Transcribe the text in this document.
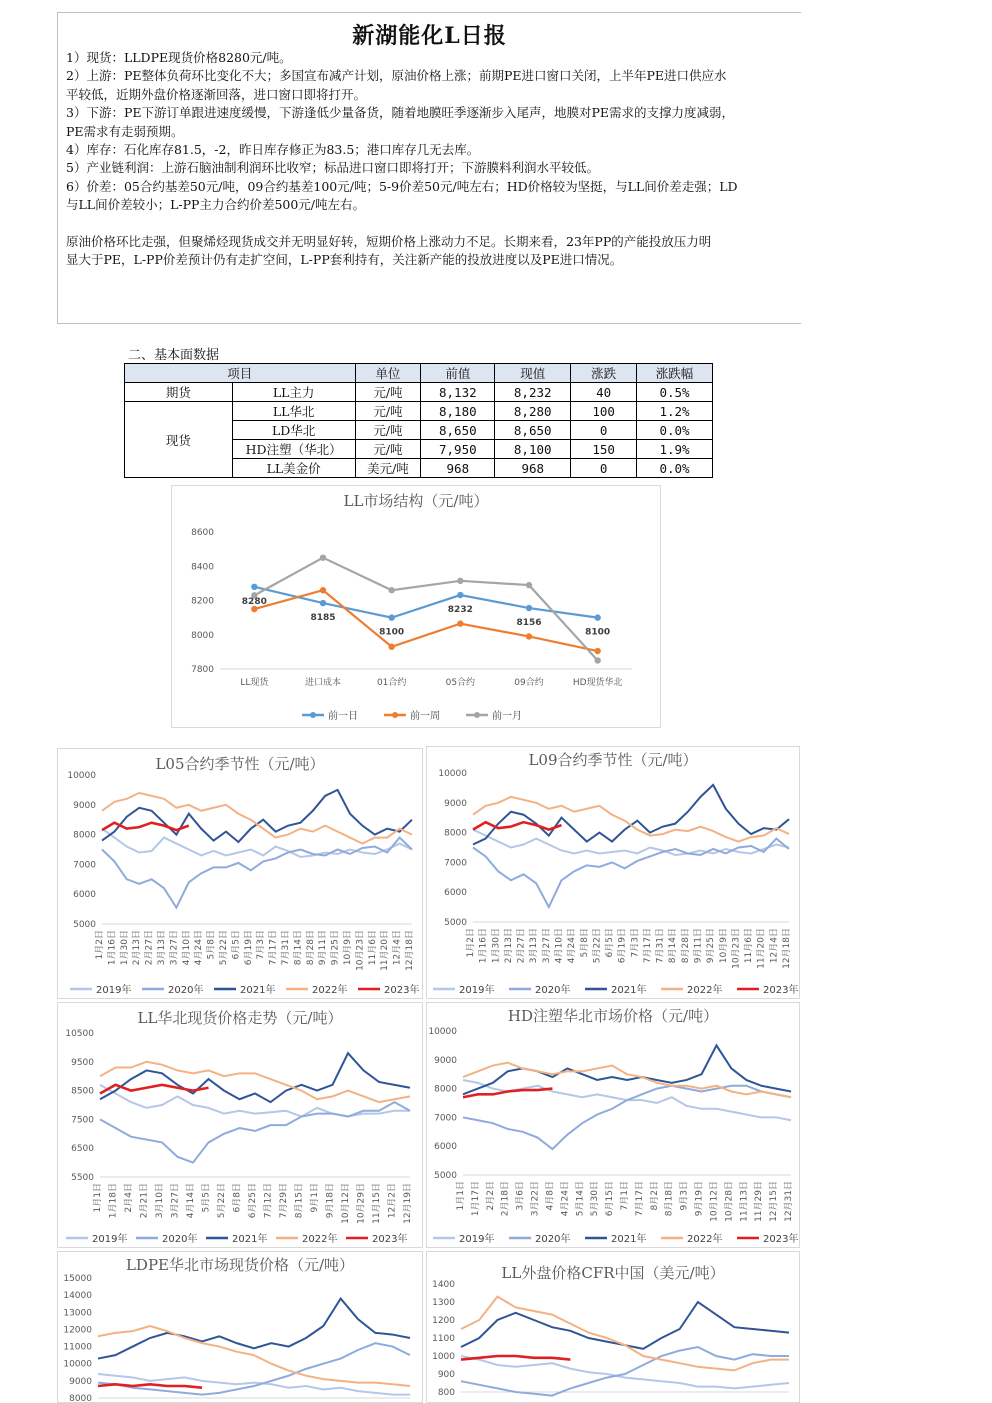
新湖能化L日报

1）现货：LLDPE现货价格8280元/吨。

2）上游：PE整体负荷环比变化不大；多国宣布减产计划，原油价格上涨；前期PE进口窗口关闭，上半年PE进口供应水

平较低，近期外盘价格逐渐回落，进口窗口即将打开。

3）下游：PE下游订单跟进速度缓慢，下游逢低少量备货，随着地膜旺季逐渐步入尾声，地膜对PE需求的支撑力度减弱，

PE需求有走弱预期。

4）库存：石化库存81.5，-2，昨日库存修正为83.5；港口库存几无去库。

5）产业链利润：上游石脑油制利润环比收窄；标品进口窗口即将打开；下游膜料利润水平较低。

6）价差：05合约基差50元/吨，09合约基差100元/吨；5-9价差50元/吨左右；HD价格较为坚挺，与LL间价差走强；LD

与LL间价差较小；L-PP主力合约价差500元/吨左右。

原油价格环比走强，但聚烯烃现货成交并无明显好转，短期价格上涨动力不足。长期来看，23年PP的产能投放压力明

显大于PE，L-PP价差预计仍有走扩空间，L-PP套利持有，关注新产能的投放进度以及PE进口情况。

二、基本面数据
项目		单位	前值	现值	涨跌	涨跌幅
期货	LL主力	元/吨	8,132	8,232	40	0.5%
现货	LL华北	元/吨	8,180	8,280	100	1.2%
	LD华北	元/吨	8,650	8,650	0	0.0%
	HD注塑（华北）	元/吨	7,950	8,100	150	1.9%
	LL美金价	美元/吨	968	968	0	0.0%
LL市场结构（元/吨）
8600
8400
8200
8000
7800
LL现货	进口成本	01合约	05合约	09合约	HD现货华北
8280
8185
8100
8232
8156
8100
前一日	前一周	前一月
L05合约季节性（元/吨）
10000
9000
8000
7000
6000
5000
1月2日 1月16日 1月30日 2月13日 2月27日 3月13日 3月27日 4月10日 4月24日 5月8日 5月22日 6月5日 6月19日 7月3日 7月17日 7月31日 8月14日 8月28日 9月11日 9月25日 10月9日 10月23日 11月6日 11月20日 12月4日 12月18日
2019年	2020年	2021年	2022年	2023年
L09合约季节性（元/吨）
10000
9000
8000
7000
6000
5000
1月2日 1月16日 1月30日 2月13日 2月27日 3月13日 3月27日 4月10日 4月24日 5月8日 5月22日 6月5日 6月19日 7月3日 7月17日 7月31日 8月14日 8月28日 9月11日 9月25日 10月9日 10月23日 11月6日 11月20日 12月4日 12月18日
2019年	2020年	2021年	2022年	2023年
LL华北现货价格走势（元/吨）
10500
9500
8500
7500
6500
5500
1月1日 1月18日 2月4日 2月21日 3月10日 3月27日 4月14日 5月5日 5月22日 6月8日 6月25日 7月12日 7月29日 8月15日 9月1日 9月18日 10月12日 10月29日 11月15日 12月2日 12月19日
2019年	2020年	2021年	2022年	2023年
HD注塑华北市场价格（元/吨）
10000
9000
8000
7000
6000
5000
1月1日 1月17日 2月2日 2月18日 3月6日 3月22日 4月8日 4月24日 5月14日 5月30日 6月15日 7月1日 7月17日 8月2日 8月18日 9月3日 9月19日 10月12日 10月28日 11月13日 11月29日 12月15日 12月31日
2019年	2020年	2021年	2022年	2023年
LDPE华北市场现货价格（元/吨）
15000
14000
13000
12000
11000
10000
9000
8000
LL外盘价格CFR中国（美元/吨）
1400
1300
1200
1100
1000
900
800
